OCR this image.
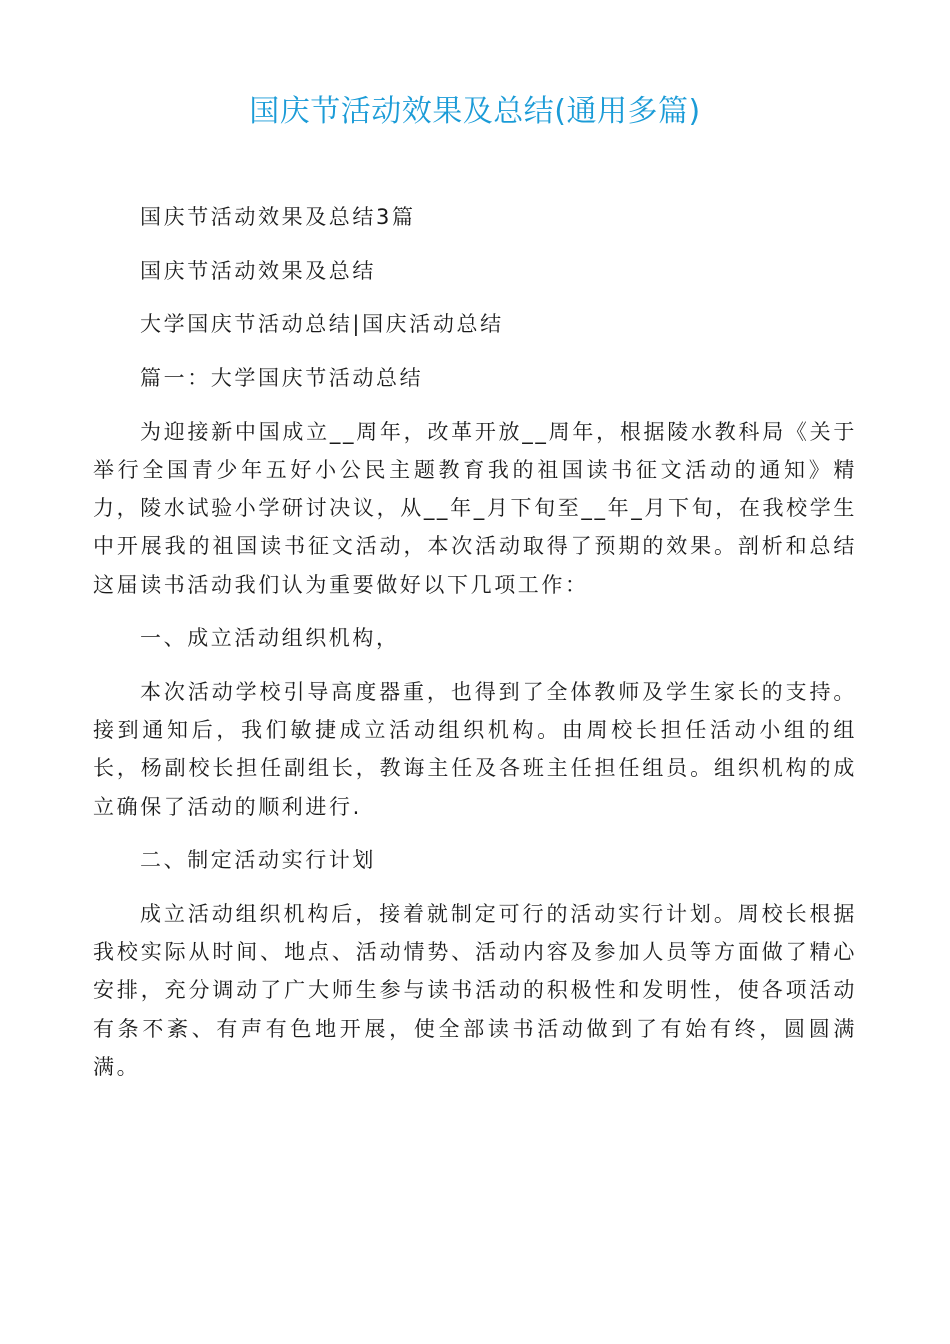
国庆节活动效果及总结(通用多篇)

国庆节活动效果及总结3篇

国庆节活动效果及总结

大学国庆节活动总结|国庆活动总结

篇一：大学国庆节活动总结

为迎接新中国成立__周年，改革开放__周年，根据陵水教科局《关于举行全国青少年五好小公民主题教育我的祖国读书征文活动的通知》精力，陵水试验小学研讨决议，从__年_月下旬至__年_月下旬，在我校学生中开展我的祖国读书征文活动，本次活动取得了预期的效果。剖析和总结这届读书活动我们认为重要做好以下几项工作：

一、成立活动组织机构，

本次活动学校引导高度器重，也得到了全体教师及学生家长的支持。接到通知后，我们敏捷成立活动组织机构。由周校长担任活动小组的组长，杨副校长担任副组长，教诲主任及各班主任担任组员。组织机构的成立确保了活动的顺利进行.

二、制定活动实行计划

成立活动组织机构后，接着就制定可行的活动实行计划。周校长根据我校实际从时间、地点、活动情势、活动内容及参加人员等方面做了精心安排，充分调动了广大师生参与读书活动的积极性和发明性，使各项活动有条不紊、有声有色地开展，使全部读书活动做到了有始有终，圆圆满满。
